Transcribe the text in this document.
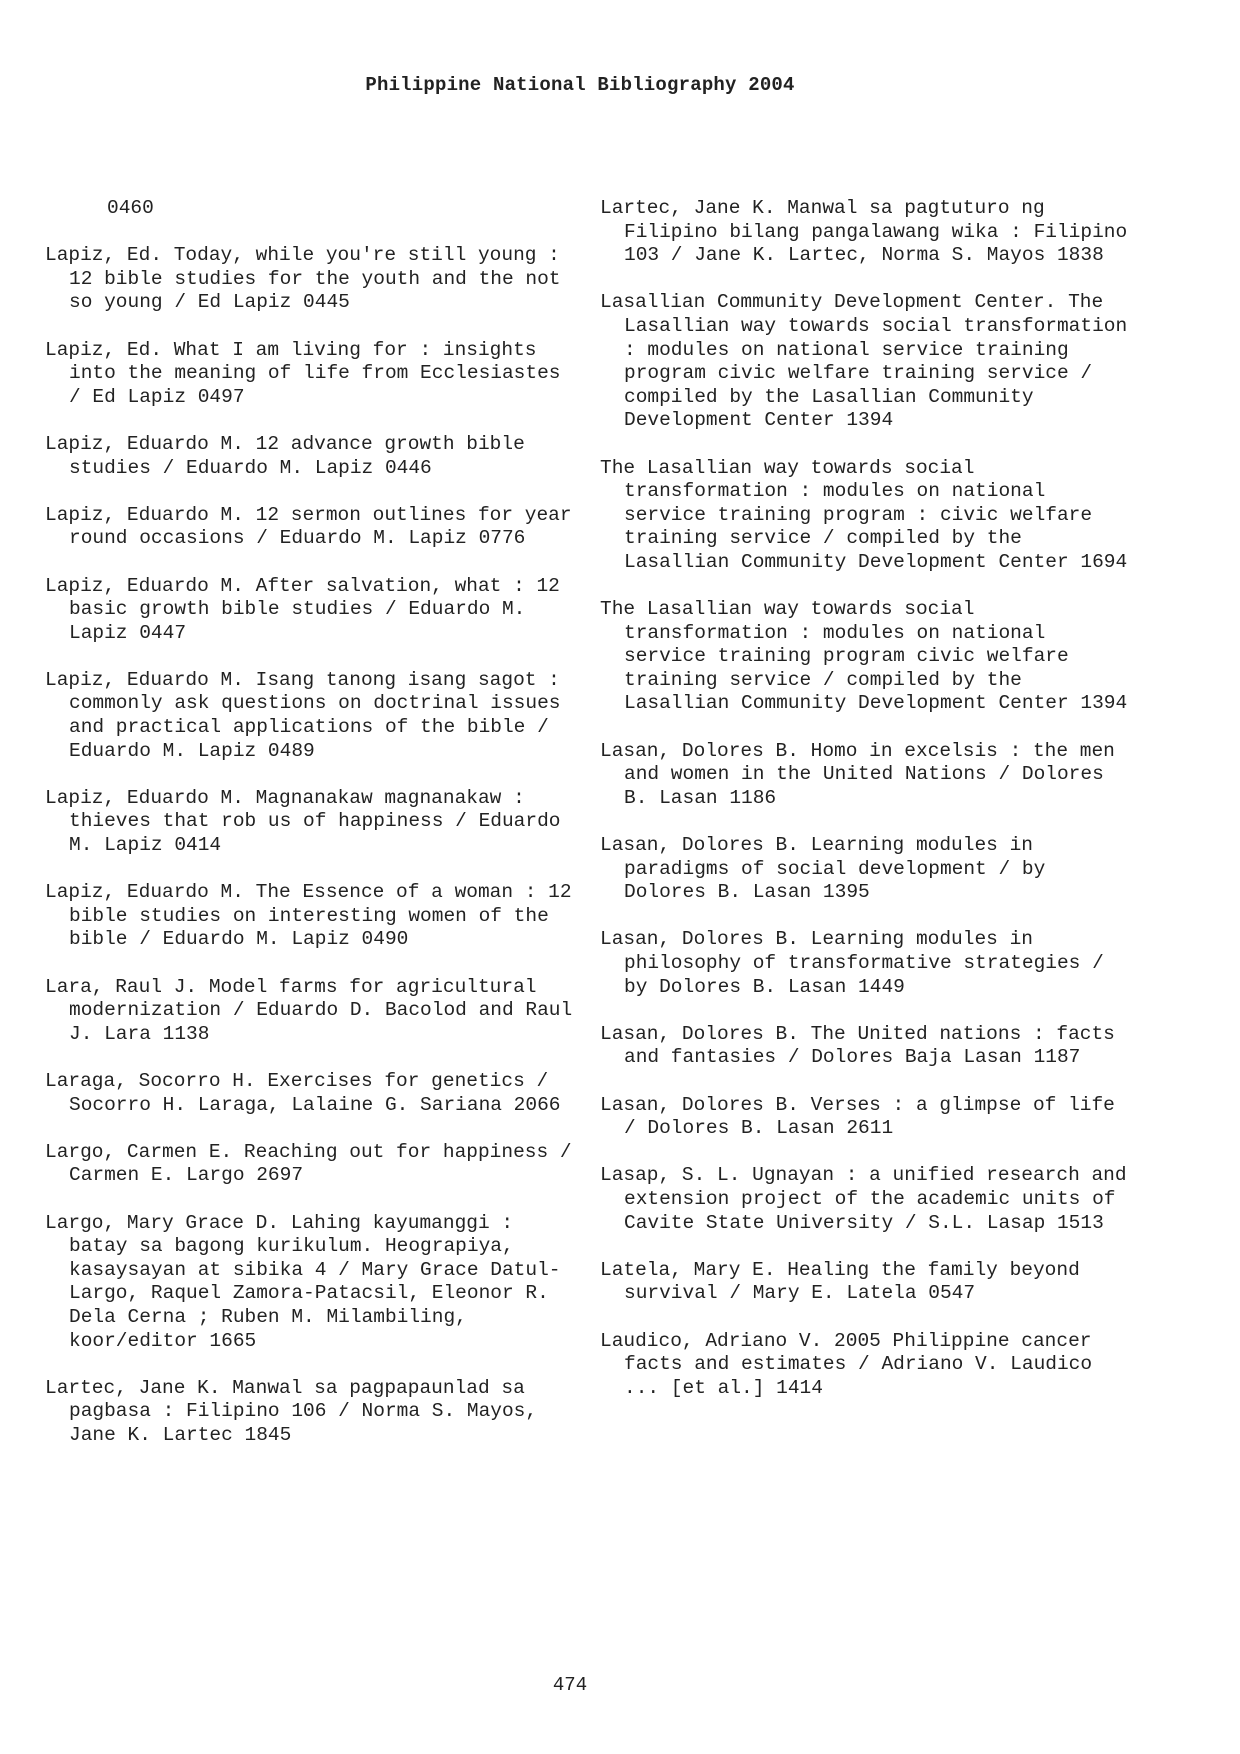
Philippine National Bibliography 2004
0460
Lapiz, Ed. Today, while you're still young : 12 bible studies for the youth and the not so young / Ed Lapiz 0445
Lapiz, Ed. What I am living for : insights into the meaning of life from Ecclesiastes / Ed Lapiz 0497
Lapiz, Eduardo M. 12 advance growth bible studies / Eduardo M. Lapiz 0446
Lapiz, Eduardo M. 12 sermon outlines for year round occasions / Eduardo M. Lapiz 0776
Lapiz, Eduardo M. After salvation, what : 12 basic growth bible studies / Eduardo M. Lapiz 0447
Lapiz, Eduardo M. Isang tanong isang sagot : commonly ask questions on doctrinal issues and practical applications of the bible / Eduardo M. Lapiz 0489
Lapiz, Eduardo M. Magnanakaw magnanakaw : thieves that rob us of happiness / Eduardo M. Lapiz 0414
Lapiz, Eduardo M. The Essence of a woman : 12 bible studies on interesting women of the bible / Eduardo M. Lapiz 0490
Lara, Raul J. Model farms for agricultural modernization / Eduardo D. Bacolod and Raul J. Lara 1138
Laraga, Socorro H. Exercises for genetics / Socorro H. Laraga, Lalaine G. Sariana 2066
Largo, Carmen E. Reaching out for happiness / Carmen E. Largo 2697
Largo, Mary Grace D. Lahing kayumanggi : batay sa bagong kurikulum. Heograpiya, kasaysayan at sibika 4 / Mary Grace Datul-Largo, Raquel Zamora-Patacsil, Eleonor R. Dela Cerna ; Ruben M. Milambiling, koor/editor 1665
Lartec, Jane K. Manwal sa pagpapaunlad sa pagbasa : Filipino 106 / Norma S. Mayos, Jane K. Lartec 1845
Lartec, Jane K. Manwal sa pagtuturo ng Filipino bilang pangalawang wika : Filipino 103 / Jane K. Lartec, Norma S. Mayos 1838
Lasallian Community Development Center. The Lasallian way towards social transformation : modules on national service training program civic welfare training service / compiled by the Lasallian Community Development Center 1394
The Lasallian way towards social transformation : modules on national service training program : civic welfare training service / compiled by the Lasallian Community Development Center 1694
The Lasallian way towards social transformation : modules on national service training program civic welfare training service / compiled by the Lasallian Community Development Center 1394
Lasan, Dolores B. Homo in excelsis : the men and women in the United Nations / Dolores B. Lasan 1186
Lasan, Dolores B. Learning modules in paradigms of social development / by Dolores B. Lasan 1395
Lasan, Dolores B. Learning modules in philosophy of transformative strategies / by Dolores B. Lasan 1449
Lasan, Dolores B. The United nations : facts and fantasies / Dolores Baja Lasan 1187
Lasan, Dolores B. Verses : a glimpse of life / Dolores B. Lasan 2611
Lasap, S. L. Ugnayan : a unified research and extension project of the academic units of Cavite State University / S.L. Lasap 1513
Latela, Mary E. Healing the family beyond survival / Mary E. Latela 0547
Laudico, Adriano V. 2005 Philippine cancer facts and estimates / Adriano V. Laudico ... [et al.] 1414
474
